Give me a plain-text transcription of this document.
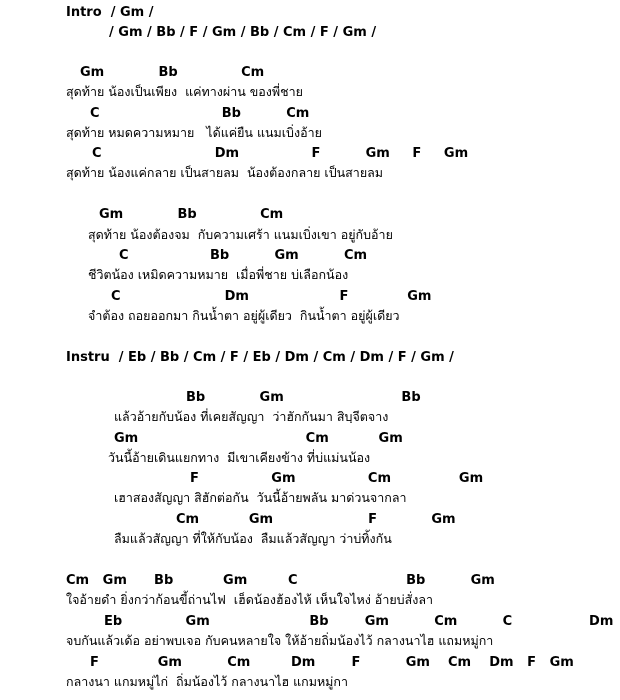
Intro  / Gm /
/ Gm / Bb / F / Gm / Bb / Cm / F / Gm /
Gm            Bb              Cm
สุดท้าย น้องเป็นเพียง  แค่ทางผ่าน ของพี่ชาย
C                           Bb          Cm
สุดท้าย หมดความหมาย   ได้แค่ยืน แนมเบิ่งอ้าย
C                         Dm                F          Gm     F     Gm
สุดท้าย น้องแค่กลาย เป็นสายลม  น้องต้องกลาย เป็นสายลม
Gm            Bb              Cm
สุดท้าย น้องต้องจม  กับความเศร้า แนมเบิ่งเขา อยู่กับอ้าย
C                  Bb          Gm          Cm
ชีวิตน้อง เหมิดความหมาย  เมื่อพี่ชาย บ่เลือกน้อง
C                       Dm                    F             Gm
จำต้อง ถอยออกมา กินน้ำตา อยู่ผู้เดียว  กินน้ำตา อยู่ผู้เดียว
Instru  / Eb / Bb / Cm / F / Eb / Dm / Cm / Dm / F / Gm /
Bb            Gm                          Bb
แล้วอ้ายกับน้อง ที่เคยสัญญา  ว่าฮักกันมา สิบฺจีตจาง
Gm                                     Cm           Gm
วันนี้อ้ายเดินแยกทาง  มีเขาเคียงข้าง ที่บ่แม่นน้อง
F                Gm                Cm               Gm
เฮาสองสัญญา สิฮักต่อกัน  วันนี้อ้ายพลัน มาด่วนจากลา
Cm           Gm                     F            Gm
ลืมแล้วสัญญา ที่ให้กับน้อง  ลืมแล้วสัญญา ว่าบ่ทิ้งกัน
Cm   Gm      Bb           Gm         C                        Bb          Gm
ใจอ้ายดำ ยิ่งกว่าก้อนขี้ถ่านไฟ  เฮ็ดน้องฮ้องไห้ เห็นใจไหง่ อ้ายบ่สั่งลา
Eb              Gm                      Bb        Gm          Cm          C                 Dm
จบกันแล้วเด้อ อย่าพบเจอ กับคนหลายใจ ให้อ้ายถิ่มน้องไว้ กลางนาไฮ แถมหมู่กา
F             Gm          Cm         Dm        F          Gm    Cm    Dm   F   Gm
กลางนา แกมหมู่ไก่  ถิ่มน้องไว้ กลางนาไฮ แกมหมู่กา
